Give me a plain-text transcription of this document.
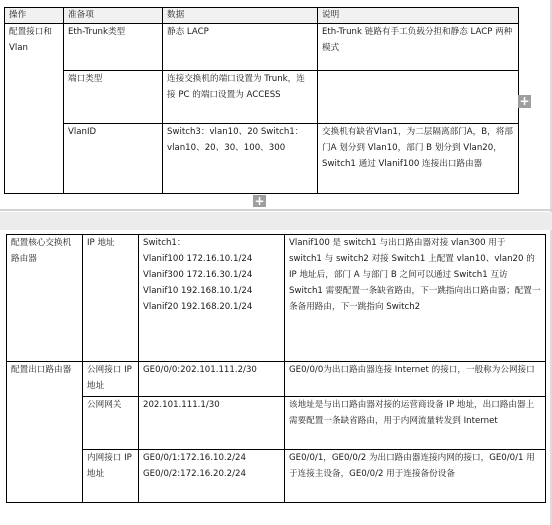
操作	准备项	数据	说明
配置接口和 Vlan	Eth-Trunk类型	静态 LACP	Eth-Trunk 链路有手工负载分担和静态 LACP 两种模式
	端口类型	连接交换机的端口设置为 Trunk，连接 PC 的端口设置为 ACCESS	
	VlanID	Switch3：vlan10、20 Switch1：vlan10、20、30、100、300	交换机有缺省Vlan1，为二层隔离部门A，B，将部门A 划分到 Vlan10，部门 B 划分到 Vlan20，Switch1 通过 Vlanif100 连接出口路由器
+
+
配置核心交换机路由器	IP 地址	Switch1：
Vlanif100 172.16.10.1/24
Vlanif300 172.16.30.1/24
Vlanif10 192.168.10.1/24
Vlanif20 192.168.20.1/24	Vlanif100 是 switch1 与出口路由器对接 vlan300 用于 switch1 与 switch2 对接 Switch1 上配置 vlan10、vlan20 的 IP 地址后，部门 A 与部门 B 之间可以通过 Switch1 互访 Switch1 需要配置一条缺省路由，下一跳指向出口路由器；配置一条备用路由，下一跳指向 Switch2
配置出口路由器	公网接口 IP 地址	GE0/0/0:202.101.111.2/30	GE0/0/0为出口路由器连接 Internet 的接口，一般称为公网接口
	公网网关	202.101.111.1/30	该地址是与出口路由器对接的运营商设备 IP 地址，出口路由器上需要配置一条缺省路由，用于内网流量转发到 Internet
	内网接口 IP 地址	GE0/0/1:172.16.10.2/24
GE0/0/2:172.16.20.2/24	GE0/0/1，GE0/0/2 为出口路由器连接内网的接口，GE0/0/1 用于连接主设备，GE0/0/2 用于连接备份设备
